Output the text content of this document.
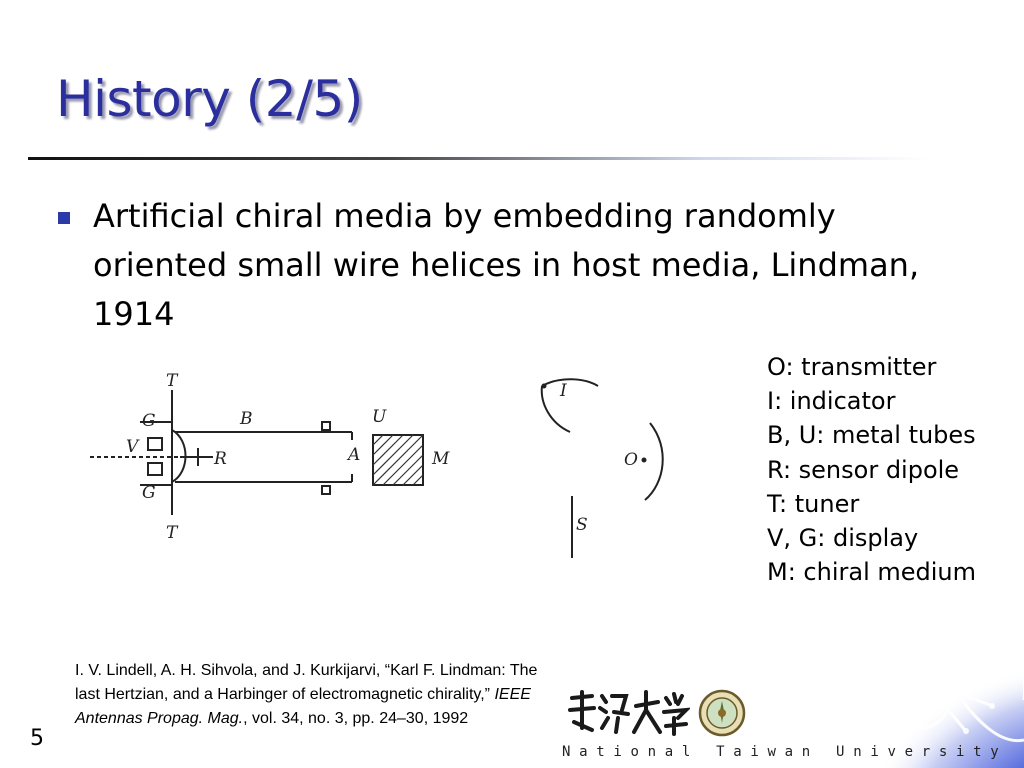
History (2/5)
Artificial chiral media by embedding randomly oriented small wire helices in host media, Lindman, 1914
T
T
G
G
V
B	U
R	A	M
I
O
S
O: transmitter
I: indicator
B, U: metal tubes
R: sensor dipole
T: tuner
V, G: display
M: chiral medium
I. V. Lindell, A. H. Sihvola, and J. Kurkijarvi, “Karl F. Lindman: The last Hertzian, and a Harbinger of electromagnetic chirality,” IEEE Antennas Propag. Mag., vol. 34, no. 3, pp. 24–30, 1992
5
National Taiwan University
